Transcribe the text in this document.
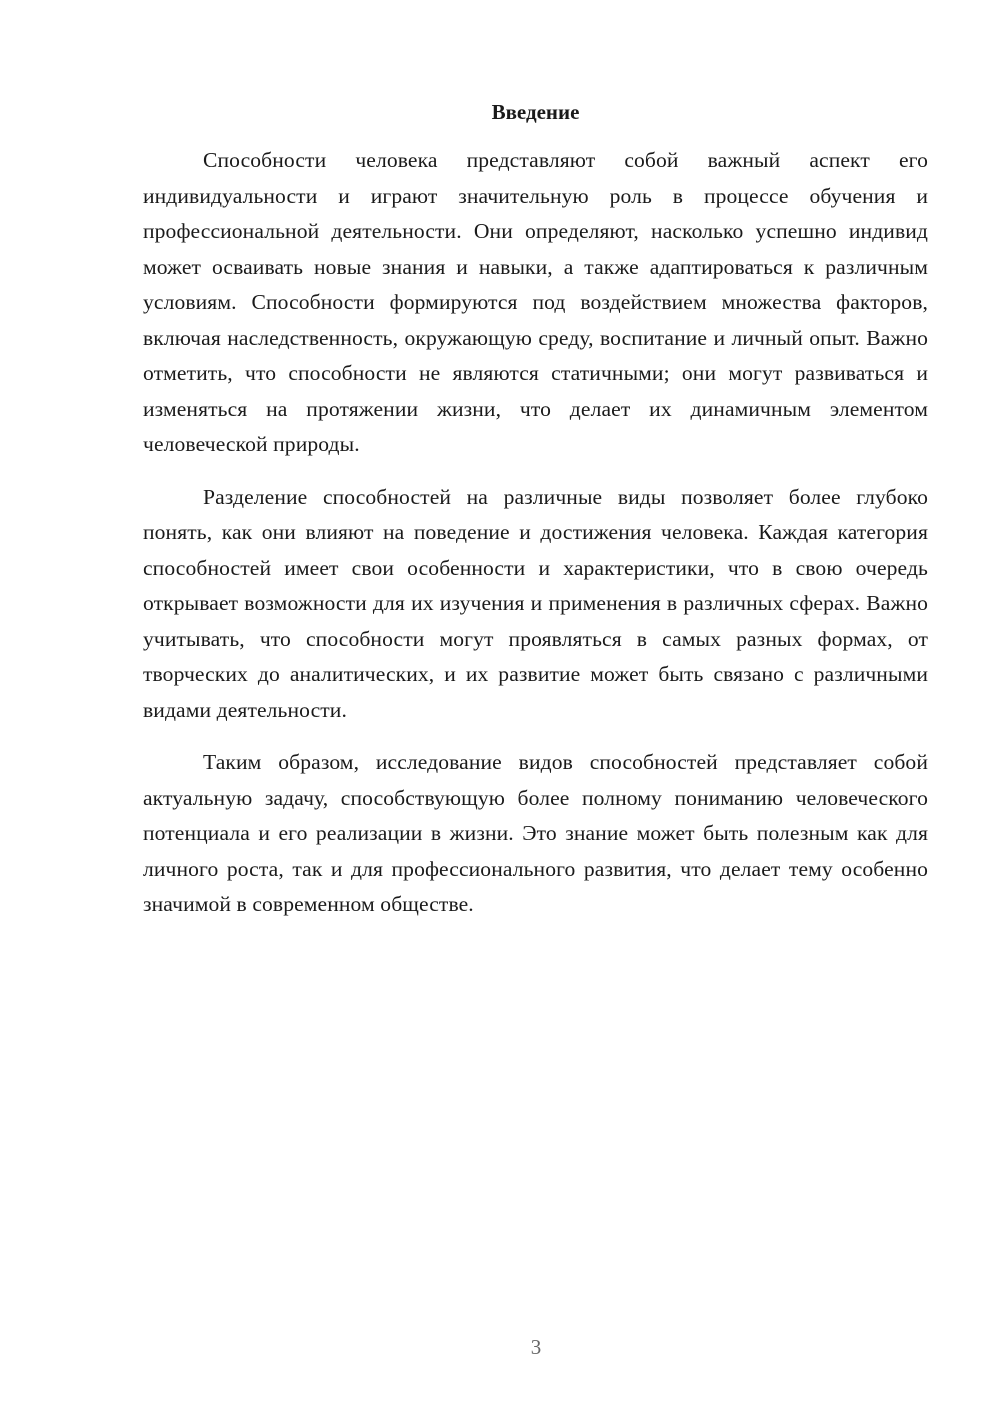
Введение

Способности человека представляют собой важный аспект его индивидуальности и играют значительную роль в процессе обучения и профессиональной деятельности. Они определяют, насколько успешно индивид может осваивать новые знания и навыки, а также адаптироваться к различным условиям. Способности формируются под воздействием множества факторов, включая наследственность, окружающую среду, воспитание и личный опыт. Важно отметить, что способности не являются статичными; они могут развиваться и изменяться на протяжении жизни, что делает их динамичным элементом человеческой природы.

Разделение способностей на различные виды позволяет более глубоко понять, как они влияют на поведение и достижения человека. Каждая категория способностей имеет свои особенности и характеристики, что в свою очередь открывает возможности для их изучения и применения в различных сферах. Важно учитывать, что способности могут проявляться в самых разных формах, от творческих до аналитических, и их развитие может быть связано с различными видами деятельности.

Таким образом, исследование видов способностей представляет собой актуальную задачу, способствующую более полному пониманию человеческого потенциала и его реализации в жизни. Это знание может быть полезным как для личного роста, так и для профессионального развития, что делает тему особенно значимой в современном обществе.

3
